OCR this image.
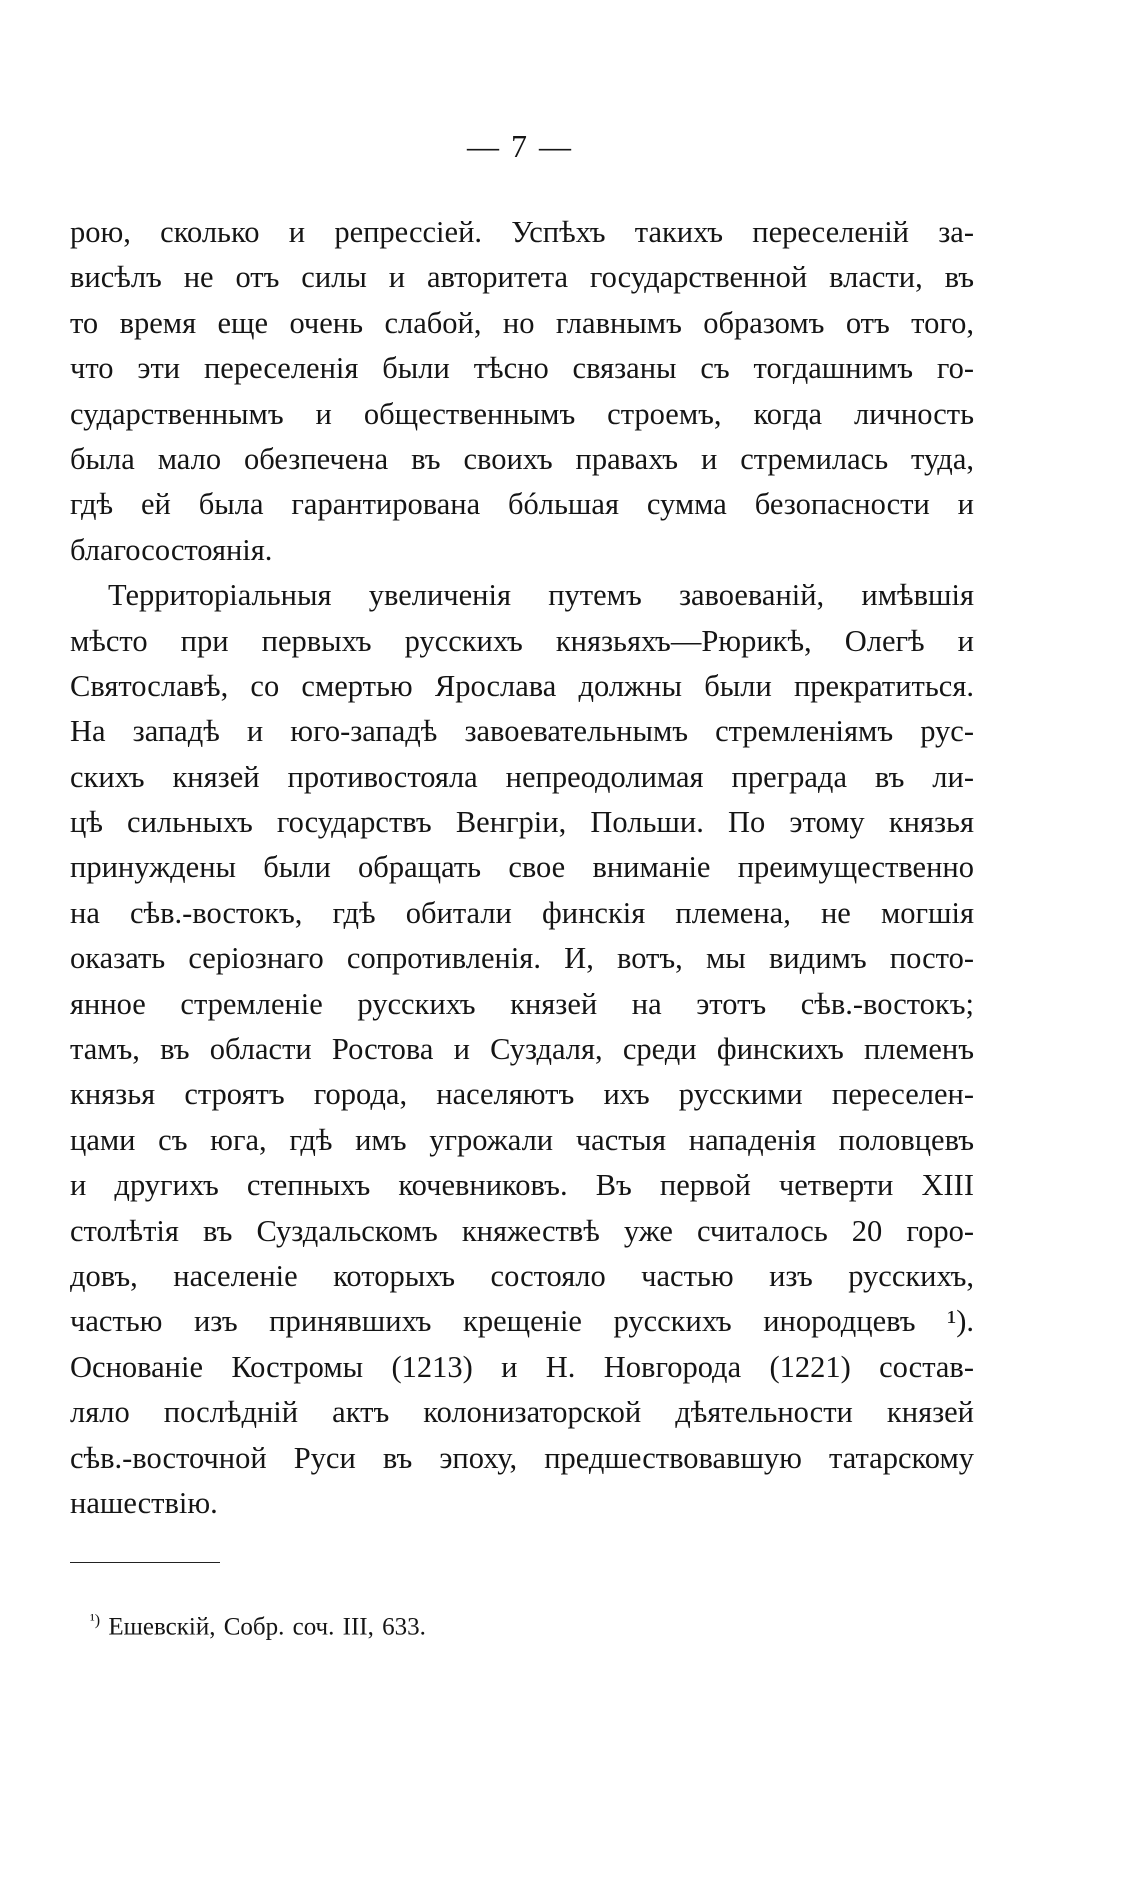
— 7 —
рою, сколько и репрессiей. Успѣхъ такихъ переселенiй за-
висѣлъ не отъ силы и авторитета государственной власти, въ
то время еще очень слабой, но главнымъ образомъ отъ того,
что эти переселенiя были тѣсно связаны съ тогдашнимъ го-
сударственнымъ и общественнымъ строемъ, когда личность
была мало обезпечена въ своихъ правахъ и стремилась туда,
гдѣ ей была гарантирована бóльшая сумма безопасности и
благосостоянiя.
Территорiальныя увеличенiя путемъ завоеванiй, имѣвшiя
мѣсто при первыхъ русскихъ князьяхъ—Рюрикѣ, Олегѣ и
Святославѣ, со смертью Ярослава должны были прекратиться.
На западѣ и юго-западѣ завоевательнымъ стремленiямъ рус-
скихъ князей противостояла непреодолимая преграда въ ли-
цѣ сильныхъ государствъ Венгрiи, Польши. По этому князья
принуждены были обращать свое вниманiе преимущественно
на сѣв.-востокъ, гдѣ обитали финскiя племена, не могшiя
оказать серiознаго сопротивленiя. И, вотъ, мы видимъ посто-
янное стремленiе русскихъ князей на этотъ сѣв.-востокъ;
тамъ, въ области Ростова и Суздаля, среди финскихъ племенъ
князья строятъ города, населяютъ ихъ русскими переселен-
цами съ юга, гдѣ имъ угрожали частыя нападенiя половцевъ
и другихъ степныхъ кочевниковъ. Въ первой четверти XIII
столѣтiя въ Суздальскомъ княжествѣ уже считалось 20 горо-
довъ, населенiе которыхъ состояло частью изъ русскихъ,
частью изъ принявшихъ крещенiе русскихъ инородцевъ ¹).
Основанiе Костромы (1213) и Н. Новгорода (1221) состав-
ляло послѣднiй актъ колонизаторской дѣятельности князей
сѣв.-восточной Руси въ эпоху, предшествовавшую татарскому
нашествiю.
$^{^1)}$ Ешевскiй, Собр. соч. III, 633.
